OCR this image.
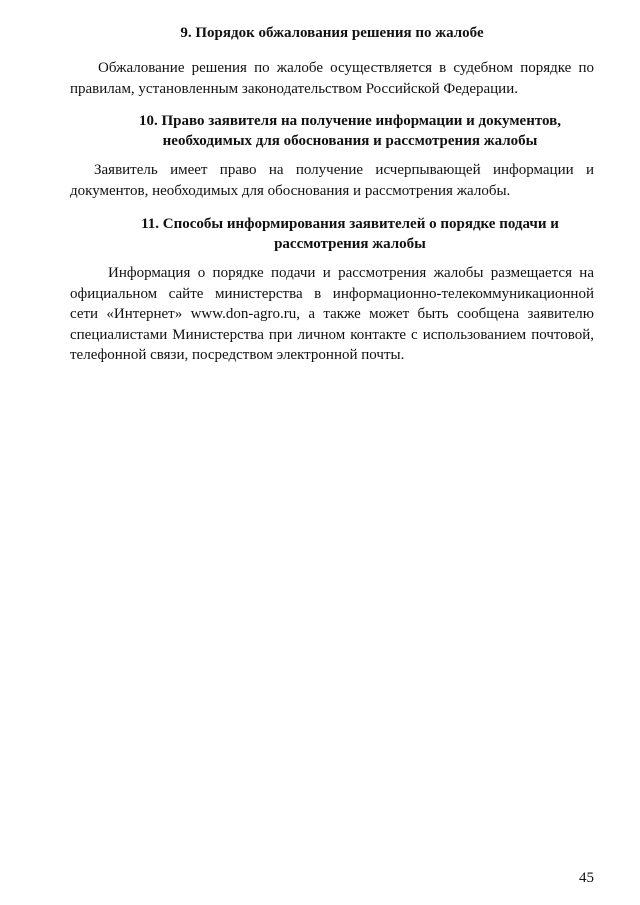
9. Порядок обжалования решения по жалобе

Обжалование решения по жалобе осуществляется в судебном порядке по правилам, установленным законодательством Российской Федерации.

10. Право заявителя на получение информации и документов, необходимых для обоснования и рассмотрения жалобы

Заявитель имеет право на получение исчерпывающей информации и документов, необходимых для обоснования и рассмотрения жалобы.

11. Способы информирования заявителей о порядке подачи и рассмотрения жалобы

Информация о порядке подачи и рассмотрения жалобы размещается на официальном сайте министерства в информационно-телекоммуникационной сети «Интернет» www.don-agro.ru, а также может быть сообщена заявителю специалистами Министерства при личном контакте с использованием почтовой, телефонной связи, посредством электронной почты.

45
